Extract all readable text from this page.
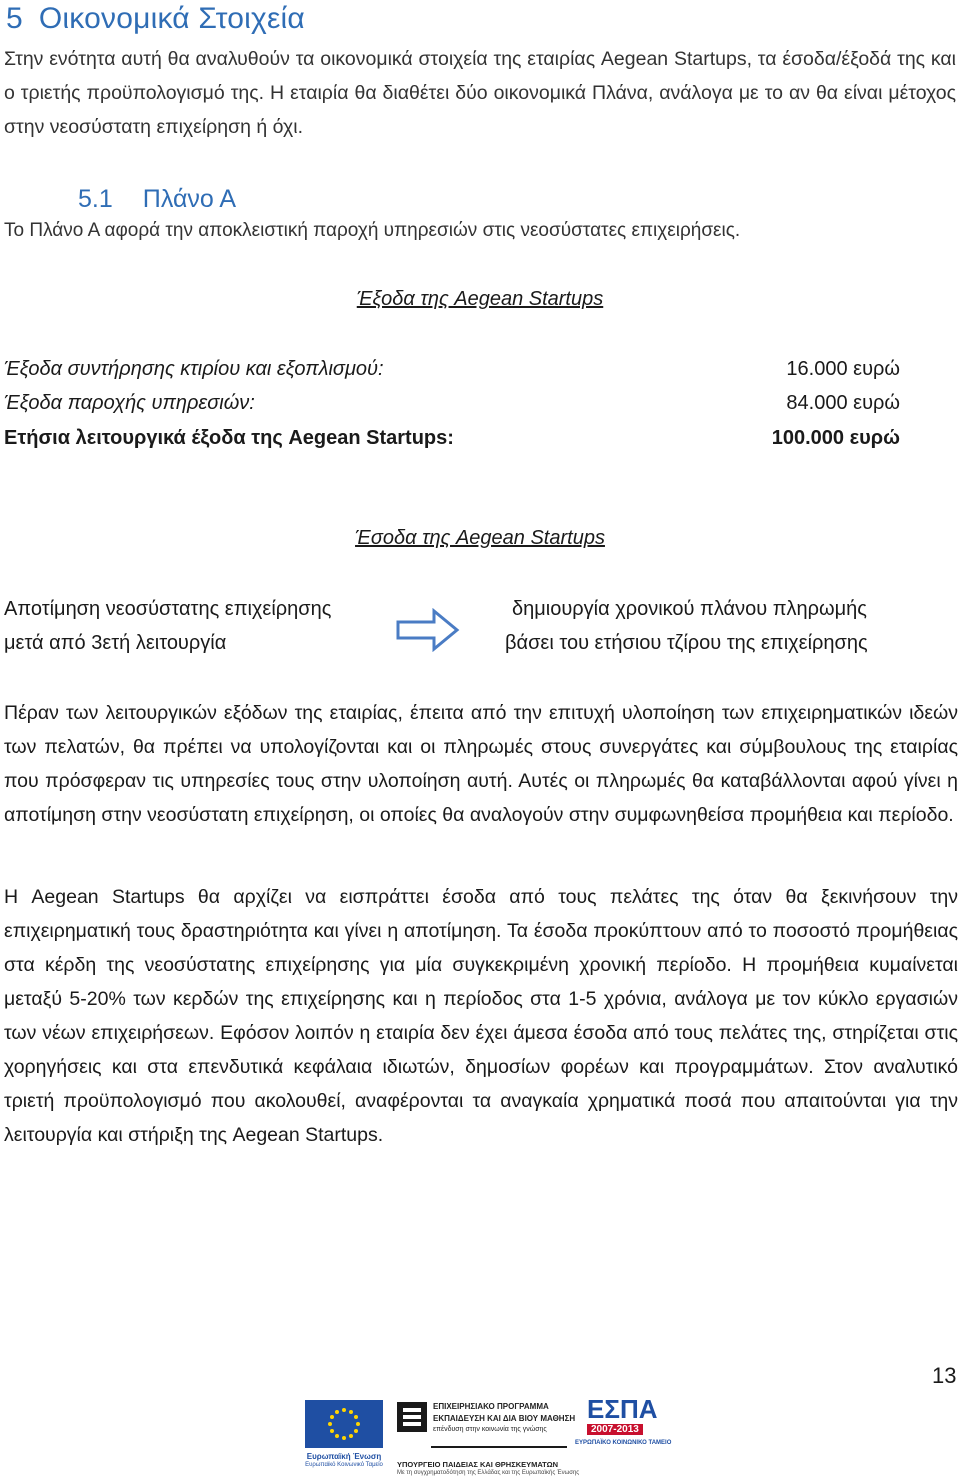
5 Οικονομικά Στοιχεία
Στην ενότητα αυτή θα αναλυθούν τα οικονομικά στοιχεία της εταιρίας Aegean Startups, τα έσοδα/έξοδά της και ο τριετής προϋπολογισμό της. Η εταιρία θα διαθέτει δύο οικονομικά Πλάνα, ανάλογα με το αν θα είναι μέτοχος στην νεοσύστατη επιχείρηση ή όχι.
5.1 Πλάνο Α
Το Πλάνο Α αφορά την αποκλειστική παροχή υπηρεσιών στις νεοσύστατες επιχειρήσεις.
Έξοδα της Aegean Startups
Έξοδα συντήρησης κτιρίου και εξοπλισμού:	16.000 ευρώ
Έξοδα παροχής υπηρεσιών:	84.000 ευρώ
Ετήσια λειτουργικά έξοδα της Aegean Startups:	100.000 ευρώ
Έσοδα της Aegean Startups
Αποτίμηση νεοσύστατης επιχείρησης
μετά από 3ετή λειτουργία
δημιουργία χρονικού πλάνου πληρωμής
βάσει του ετήσιου τζίρου της επιχείρησης
Πέραν των λειτουργικών εξόδων της εταιρίας, έπειτα από την επιτυχή υλοποίηση των επιχειρηματικών ιδεών των πελατών, θα πρέπει να υπολογίζονται και οι πληρωμές στους συνεργάτες και σύμβουλους της εταιρίας που πρόσφεραν τις υπηρεσίες τους στην υλοποίηση αυτή. Αυτές οι πληρωμές θα καταβάλλονται αφού γίνει η αποτίμηση στην νεοσύστατη επιχείρηση, οι οποίες θα αναλογούν στην συμφωνηθείσα προμήθεια και περίοδο.
Η Aegean Startups θα αρχίζει να εισπράττει έσοδα από τους πελάτες της όταν θα ξεκινήσουν την επιχειρηματική τους δραστηριότητα και γίνει η αποτίμηση. Τα έσοδα προκύπτουν από το ποσοστό προμήθειας στα κέρδη της νεοσύστατης επιχείρησης για μία συγκεκριμένη χρονική περίοδο. Η προμήθεια κυμαίνεται μεταξύ 5-20% των κερδών της επιχείρησης και η περίοδος στα 1-5 χρόνια, ανάλογα με τον κύκλο εργασιών των νέων επιχειρήσεων. Εφόσον λοιπόν η εταιρία δεν έχει άμεσα έσοδα από τους πελάτες της, στηρίζεται στις χορηγήσεις και στα επενδυτικά κεφάλαια ιδιωτών, δημοσίων φορέων και προγραμμάτων. Στον αναλυτικό τριετή προϋπολογισμό που ακολουθεί, αναφέρονται τα αναγκαία χρηματικά ποσά που απαιτούνται για την λειτουργία και στήριξη της Aegean Startups.
13
Ευρωπαϊκή Ένωση
Ευρωπαϊκό Κοινωνικό Ταμείο
ΕΠΙΧΕΙΡΗΣΙΑΚΟ ΠΡΟΓΡΑΜΜΑ
ΕΚΠΑΙΔΕΥΣΗ ΚΑΙ ΔΙΑ ΒΙΟΥ ΜΑΘΗΣΗ
επένδυση στην κοινωνία της γνώσης
ΥΠΟΥΡΓΕΙΟ ΠΑΙΔΕΙΑΣ ΚΑΙ ΘΡΗΣΚΕΥΜΑΤΩΝ
Με τη συγχρηματοδότηση της Ελλάδας και της Ευρωπαϊκής Ένωσης
ΕΣΠΑ
2007-2013
ΕΥΡΩΠΑΪΚΟ ΚΟΙΝΩΝΙΚΟ ΤΑΜΕΙΟ
